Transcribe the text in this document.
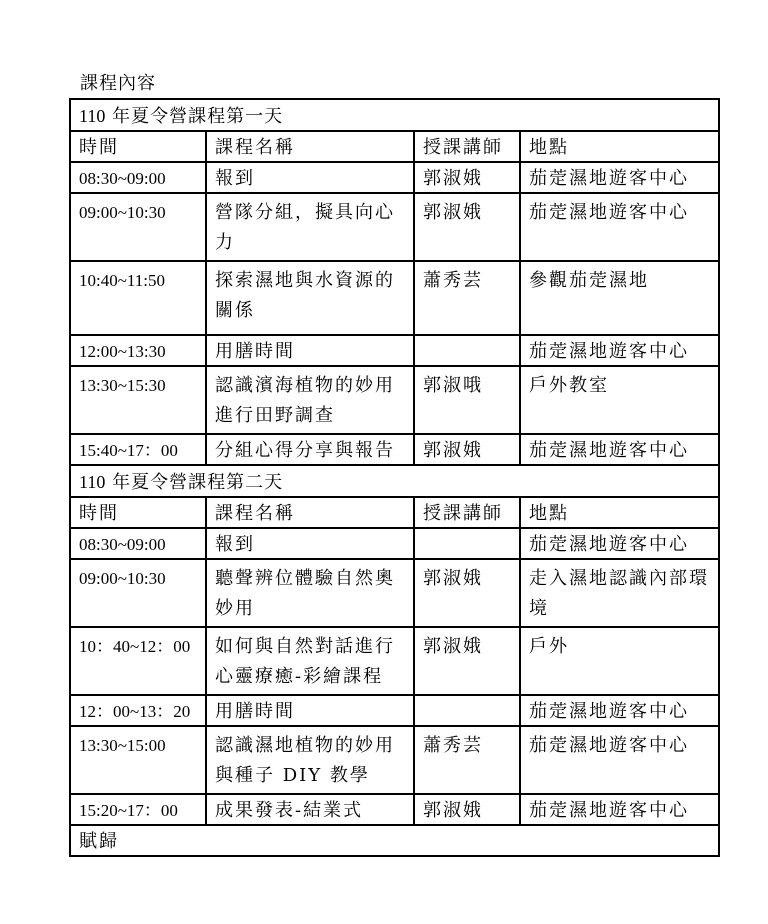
課程內容
110 年夏令營課程第一天			
時間	課程名稱	授課講師	地點
08:30~09:00	報到	郭淑娥	茄萣濕地遊客中心
09:00~10:30	營隊分組，擬具向心力	郭淑娥	茄萣濕地遊客中心
10:40~11:50	探索濕地與水資源的關係	蕭秀芸	參觀茄萣濕地
12:00~13:30	用膳時間		茄萣濕地遊客中心
13:30~15:30	認識濱海植物的妙用進行田野調查	郭淑哦	戶外教室
15:40~17：00	分組心得分享與報告	郭淑娥	茄萣濕地遊客中心
110 年夏令營課程第二天			
時間	課程名稱	授課講師	地點
08:30~09:00	報到		茄萣濕地遊客中心
09:00~10:30	聽聲辨位體驗自然奧妙用	郭淑娥	走入濕地認識內部環境
10：40~12：00	如何與自然對話進行心靈療癒-彩繪課程	郭淑娥	戶外
12：00~13：20	用膳時間		茄萣濕地遊客中心
13:30~15:00	認識濕地植物的妙用與種子 DIY 教學	蕭秀芸	茄萣濕地遊客中心
15:20~17：00	成果發表-結業式	郭淑娥	茄萣濕地遊客中心
賦歸			
